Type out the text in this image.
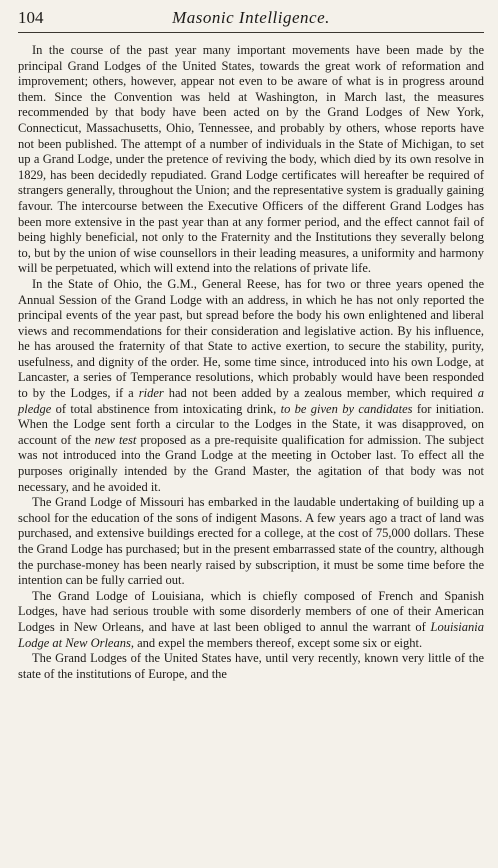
104	Masonic Intelligence.

In the course of the past year many important movements have been made by the principal Grand Lodges of the United States, towards the great work of reformation and improvement; others, however, appear not even to be aware of what is in progress around them. Since the Convention was held at Washington, in March last, the measures recommended by that body have been acted on by the Grand Lodges of New York, Connecticut, Massachusetts, Ohio, Tennessee, and probably by others, whose reports have not been published. The attempt of a number of individuals in the State of Michigan, to set up a Grand Lodge, under the pretence of reviving the body, which died by its own resolve in 1829, has been decidedly repudiated. Grand Lodge certificates will hereafter be required of strangers generally, throughout the Union; and the representative system is gradually gaining favour. The intercourse between the Executive Officers of the different Grand Lodges has been more extensive in the past year than at any former period, and the effect cannot fail of being highly beneficial, not only to the Fraternity and the Institutions they severally belong to, but by the union of wise counsellors in their leading measures, a uniformity and harmony will be perpetuated, which will extend into the relations of private life.

In the State of Ohio, the G.M., General Reese, has for two or three years opened the Annual Session of the Grand Lodge with an address, in which he has not only reported the principal events of the year past, but spread before the body his own enlightened and liberal views and recommendations for their consideration and legislative action. By his influence, he has aroused the fraternity of that State to active exertion, to secure the stability, purity, usefulness, and dignity of the order. He, some time since, introduced into his own Lodge, at Lancaster, a series of Temperance resolutions, which probably would have been responded to by the Lodges, if a rider had not been added by a zealous member, which required a pledge of total abstinence from intoxicating drink, to be given by candidates for initiation. When the Lodge sent forth a circular to the Lodges in the State, it was disapproved, on account of the new test proposed as a pre-requisite qualification for admission. The subject was not introduced into the Grand Lodge at the meeting in October last. To effect all the purposes originally intended by the Grand Master, the agitation of that body was not necessary, and he avoided it.

The Grand Lodge of Missouri has embarked in the laudable undertaking of building up a school for the education of the sons of indigent Masons. A few years ago a tract of land was purchased, and extensive buildings erected for a college, at the cost of 75,000 dollars. These the Grand Lodge has purchased; but in the present embarrassed state of the country, although the purchase-money has been nearly raised by subscription, it must be some time before the intention can be fully carried out.

The Grand Lodge of Louisiana, which is chiefly composed of French and Spanish Lodges, have had serious trouble with some disorderly members of one of their American Lodges in New Orleans, and have at last been obliged to annul the warrant of Louisiania Lodge at New Orleans, and expel the members thereof, except some six or eight.

The Grand Lodges of the United States have, until very recently, known very little of the state of the institutions of Europe, and the
